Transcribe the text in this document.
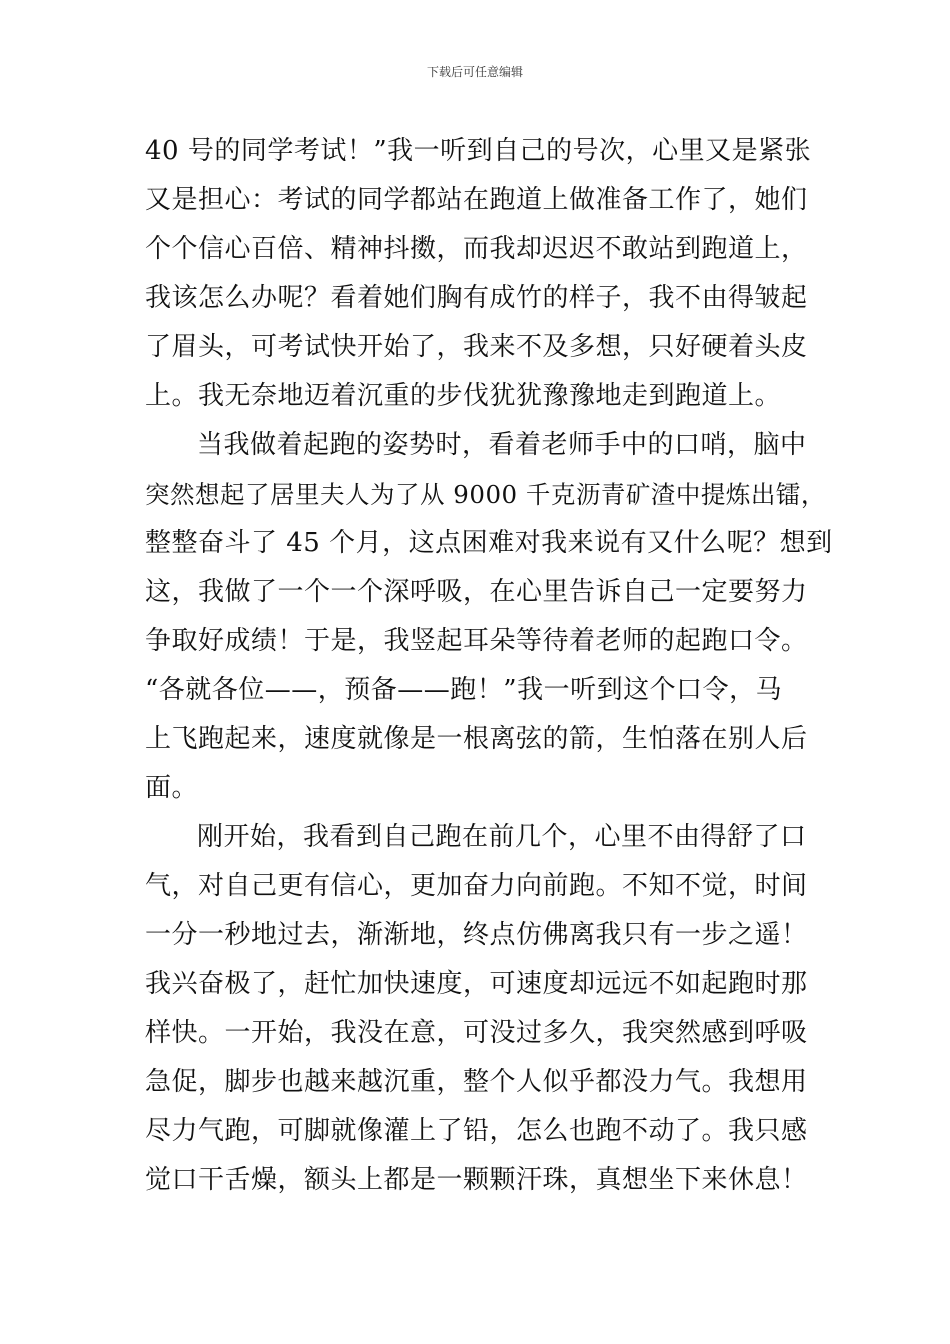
下载后可任意编辑
40 号的同学考试！”我一听到自己的号次，心里又是紧张
又是担心：考试的同学都站在跑道上做准备工作了，她们
个个信心百倍、精神抖擞，而我却迟迟不敢站到跑道上，
我该怎么办呢？看着她们胸有成竹的样子，我不由得皱起
了眉头，可考试快开始了，我来不及多想，只好硬着头皮
上。我无奈地迈着沉重的步伐犹犹豫豫地走到跑道上。
当我做着起跑的姿势时，看着老师手中的口哨，脑中
突然想起了居里夫人为了从 9000 千克沥青矿渣中提炼出镭，
整整奋斗了 45 个月，这点困难对我来说有又什么呢？想到
这，我做了一个一个深呼吸，在心里告诉自己一定要努力
争取好成绩！于是，我竖起耳朵等待着老师的起跑口令。
“各就各位——，预备——跑！”我一听到这个口令，马
上飞跑起来，速度就像是一根离弦的箭，生怕落在别人后
面。
刚开始，我看到自己跑在前几个，心里不由得舒了口
气，对自己更有信心，更加奋力向前跑。不知不觉，时间
一分一秒地过去，渐渐地，终点仿佛离我只有一步之遥！
我兴奋极了，赶忙加快速度，可速度却远远不如起跑时那
样快。一开始，我没在意，可没过多久，我突然感到呼吸
急促，脚步也越来越沉重，整个人似乎都没力气。我想用
尽力气跑，可脚就像灌上了铅，怎么也跑不动了。我只感
觉口干舌燥，额头上都是一颗颗汗珠，真想坐下来休息！
